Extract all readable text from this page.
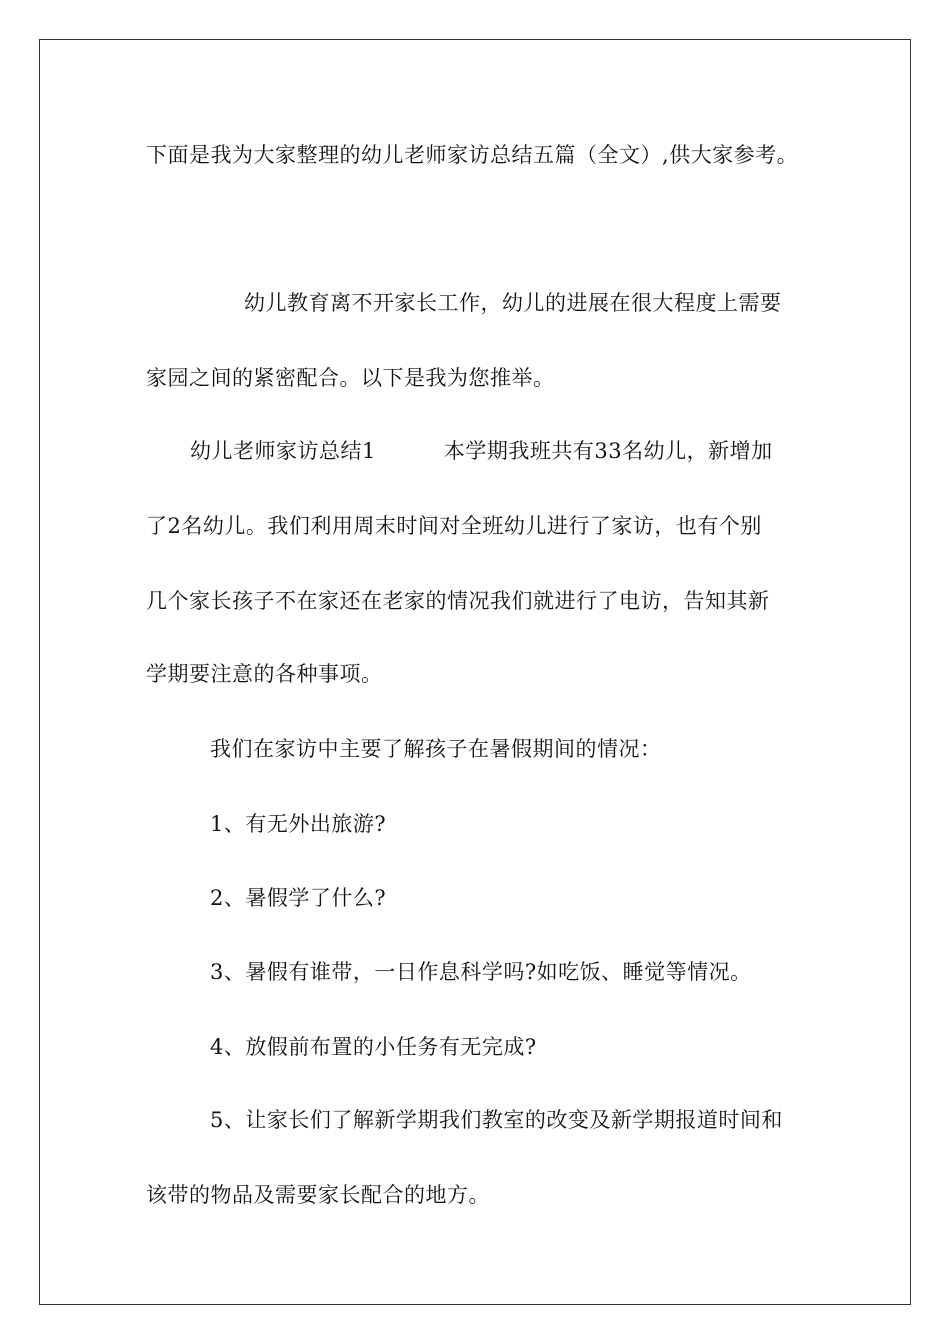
下面是我为大家整理的幼儿老师家访总结五篇（全文）,供大家参考。
幼儿教育离不开家长工作，幼儿的进展在很大程度上需要
家园之间的紧密配合。以下是我为您推举。
幼儿老师家访总结1	本学期我班共有33名幼儿，新增加
了2名幼儿。我们利用周末时间对全班幼儿进行了家访，也有个别
几个家长孩子不在家还在老家的情况我们就进行了电访，告知其新
学期要注意的各种事项。
我们在家访中主要了解孩子在暑假期间的情况：
1、有无外出旅游?
2、暑假学了什么?
3、暑假有谁带，一日作息科学吗?如吃饭、睡觉等情况。
4、放假前布置的小任务有无完成?
5、让家长们了解新学期我们教室的改变及新学期报道时间和
该带的物品及需要家长配合的地方。
